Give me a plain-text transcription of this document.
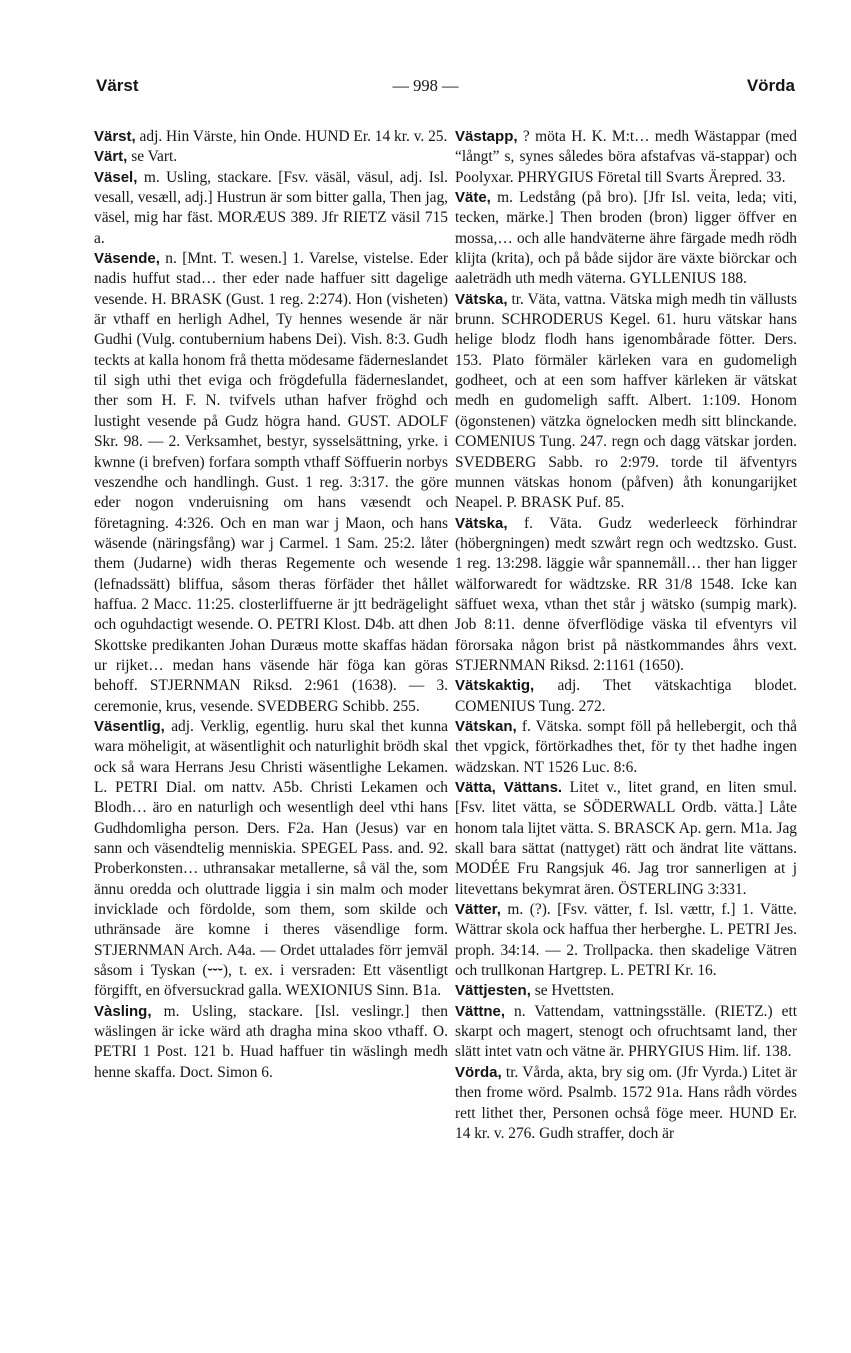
Värst	— 998 —	Vörda

Värst, adj. Hin Värste, hin Onde. HUND Er. 14 kr. v. 25.

Värt, se Vart.

Väsel, m. Usling, stackare. [Fsv. väsäl, väsul, adj. Isl. vesall, vesæll, adj.] Hustrun är som bitter galla, Then jag, väsel, mig har fäst. MORÆUS 389. Jfr RIETZ väsil 715 a.

Väsende, n. [Mnt. T. wesen.] 1. Varelse, vistelse. Eder nadis huffut stad… ther eder nade haffuer sitt dagelige vesende. H. BRASK (Gust. 1 reg. 2:274). Hon (visheten) är vthaff en herligh Adhel, Ty hennes wesende är när Gudhi (Vulg. contubernium habens Dei). Vish. 8:3. Gudh teckts at kalla honom frå thetta mödesame fäderneslandet til sigh uthi thet eviga och frögdefulla fäderneslandet, ther som H. F. N. tvifvels uthan hafver fröghd och lustight vesende på Gudz högra hand. GUST. ADOLF Skr. 98. — 2. Verksamhet, bestyr, sysselsättning, yrke. i kwnne (i brefven) forfara sompth vthaff Söffuerin norbys veszendhe och handlingh. Gust. 1 reg. 3:317. the göre eder nogon vnderuisning om hans væsendt och företagning. 4:326. Och en man war j Maon, och hans wäsende (näringsfång) war j Carmel. 1 Sam. 25:2. låter them (Judarne) widh theras Regemente och wesende (lefnadssätt) bliffua, såsom theras förfäder thet hållet haffua. 2 Macc. 11:25. closterliffuerne är jtt bedrägelight och oguhdactigt wesende. O. PETRI Klost. D4b. att dhen Skottske predikanten Johan Duræus motte skaffas hädan ur rijket… medan hans väsende här föga kan göras behoff. STJERNMAN Riksd. 2:961 (1638). — 3. ceremonie, krus, vesende. SVEDBERG Schibb. 255.

Väsentlig, adj. Verklig, egentlig. huru skal thet kunna wara möheligit, at wäsentlighit och naturlighit brödh skal ock så wara Herrans Jesu Christi wäsentlighe Lekamen. L. PETRI Dial. om nattv. A5b. Christi Lekamen och Blodh… äro en naturligh och wesentligh deel vthi hans Gudhdomligha person. Ders. F2a. Han (Jesus) var en sann och väsendtelig menniskia. SPEGEL Pass. and. 92. Proberkonsten… uthransakar metallerne, så väl the, som ännu oredda och oluttrade liggia i sin malm och moder invicklade och fördolde, som them, som skilde och uthränsade äre komne i theres väsendlige form. STJERNMAN Arch. A4a. — Ordet uttalades förr jemväl såsom i Tyskan (⏑⏑⏑), t. ex. i versraden: Ett väsentligt förgifft, en öfversuckrad galla. WEXIONIUS Sinn. B1a.

Vàsling, m. Usling, stackare. [Isl. veslingr.] then wäslingen är icke wärd ath dragha mina skoo vthaff. O. PETRI 1 Post. 121 b. Huad haffuer tin wäslingh medh henne skaffa. Doct. Simon 6.

Västapp, ? möta H. K. M:t… medh Wästappar (med “långt” s, synes således böra afstafvas vä-stappar) och Poolyxar. PHRYGIUS Företal till Svarts Ärepred. 33.

Väte, m. Ledstång (på bro). [Jfr Isl. veita, leda; viti, tecken, märke.] Then broden (bron) ligger öffver en mossa,… och alle handväterne ähre färgade medh rödh klijta (krita), och på både sijdor äre växte biörckar och aaleträdh uth medh väterna. GYLLENIUS 188.

Vätska, tr. Väta, vattna. Vätska migh medh tin vällusts brunn. SCHRODERUS Kegel. 61. huru vätskar hans helige blodz flodh hans igenombårade fötter. Ders. 153. Plato förmäler kärleken vara en gudomeligh godheet, och at een som haffver kärleken är vätskat medh en gudomeligh safft. Albert. 1:109. Honom (ögonstenen) vätzka ögnelocken medh sitt blinckande. COMENIUS Tung. 247. regn och dagg vätskar jorden. SVEDBERG Sabb. ro 2:979. torde til äfventyrs munnen vätskas honom (påfven) åth konungarijket Neapel. P. BRASK Puf. 85.

Vätska, f. Väta. Gudz wederleeck förhindrar (höbergningen) medt szwårt regn och wedtzsko. Gust. 1 reg. 13:298. läggie wår spannemåll… ther han ligger wälforwaredt for wädtzske. RR 31/8 1548. Icke kan säffuet wexa, vthan thet står j wätsko (sumpig mark). Job 8:11. denne öfverflödige väska til efventyrs vil förorsaka någon brist på nästkommandes åhrs vext. STJERNMAN Riksd. 2:1161 (1650).

Vätskaktig, adj. Thet vätskachtiga blodet. COMENIUS Tung. 272.

Vätskan, f. Vätska. sompt föll på hellebergit, och thå thet vpgick, förtörkadhes thet, för ty thet hadhe ingen wädzskan. NT 1526 Luc. 8:6.

Vätta, Vättans. Litet v., litet grand, en liten smul. [Fsv. litet vätta, se SÖDERWALL Ordb. vätta.] Låte honom tala lijtet vätta. S. BRASCK Ap. gern. M1a. Jag skall bara sättat (nattyget) rätt och ändrat lite vättans. MODÉE Fru Rangsjuk 46. Jag tror sannerligen at j litevettans bekymrat ären. ÖSTERLING 3:331.

Vätter, m. (?). [Fsv. vätter, f. Isl. vættr, f.] 1. Vätte. Wättrar skola ock haffua ther herberghe. L. PETRI Jes. proph. 34:14. — 2. Trollpacka. then skadelige Vätren och trullkonan Hartgrep. L. PETRI Kr. 16.

Vättjesten, se Hvettsten.

Vättne, n. Vattendam, vattningsställe. (RIETZ.) ett skarpt och magert, stenogt och ofruchtsamt land, ther slätt intet vatn och vätne är. PHRYGIUS Him. lif. 138.

Vörda, tr. Vårda, akta, bry sig om. (Jfr Vyrda.) Litet är then frome wörd. Psalmb. 1572 91a. Hans rådh vördes rett lithet ther, Personen ochså föge meer. HUND Er. 14 kr. v. 276. Gudh straffer, doch är
